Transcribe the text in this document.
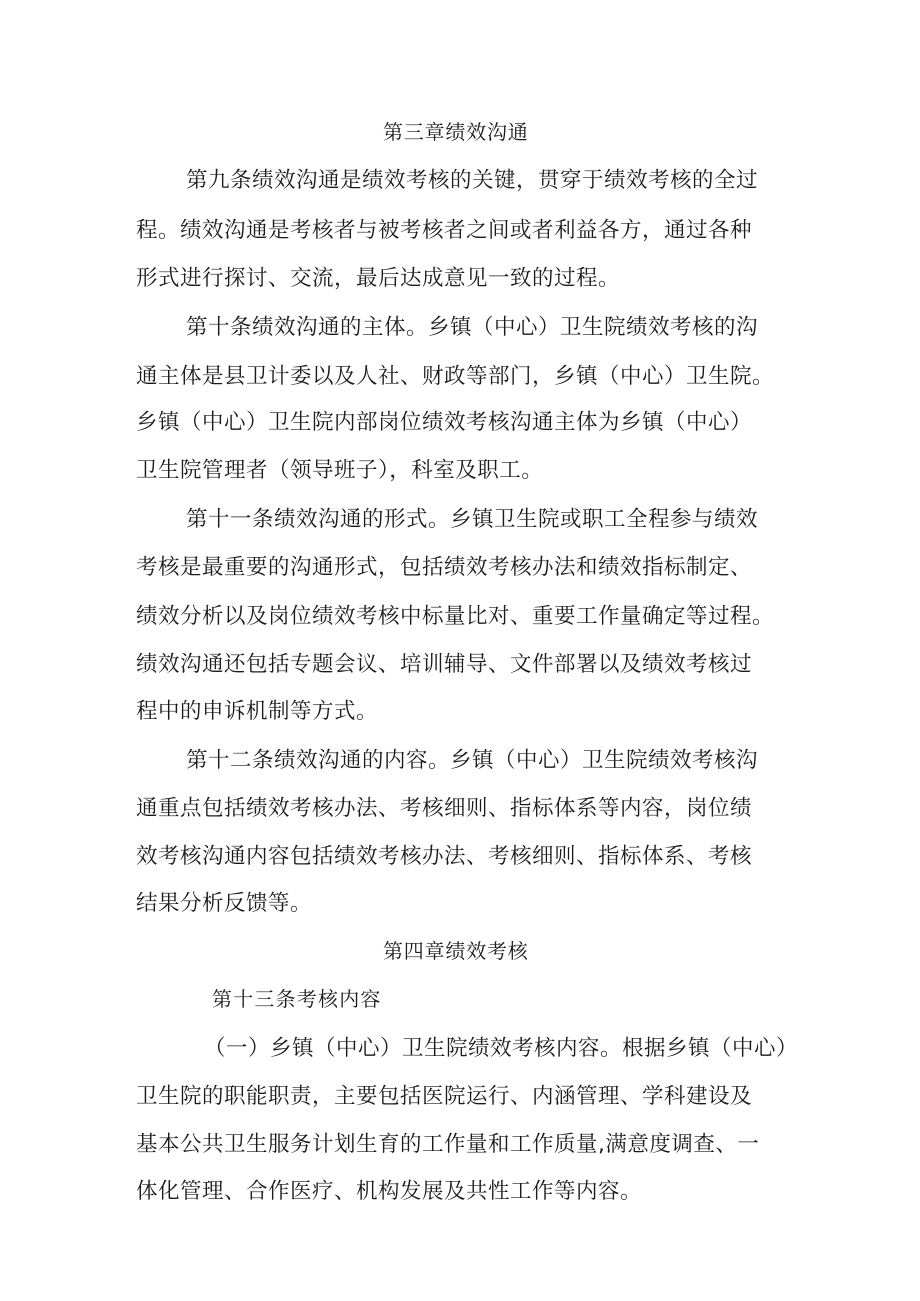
第三章绩效沟通
第九条绩效沟通是绩效考核的关键，贯穿于绩效考核的全过
程。绩效沟通是考核者与被考核者之间或者利益各方，通过各种
形式进行探讨、交流，最后达成意见一致的过程。
第十条绩效沟通的主体。乡镇（中心）卫生院绩效考核的沟
通主体是县卫计委以及人社、财政等部门，乡镇（中心）卫生院。
乡镇（中心）卫生院内部岗位绩效考核沟通主体为乡镇（中心）
卫生院管理者（领导班子），科室及职工。
第十一条绩效沟通的形式。乡镇卫生院或职工全程参与绩效
考核是最重要的沟通形式，包括绩效考核办法和绩效指标制定、
绩效分析以及岗位绩效考核中标量比对、重要工作量确定等过程。
绩效沟通还包括专题会议、培训辅导、文件部署以及绩效考核过
程中的申诉机制等方式。
第十二条绩效沟通的内容。乡镇（中心）卫生院绩效考核沟
通重点包括绩效考核办法、考核细则、指标体系等内容，岗位绩
效考核沟通内容包括绩效考核办法、考核细则、指标体系、考核
结果分析反馈等。
第四章绩效考核
第十三条考核内容
（一）乡镇（中心）卫生院绩效考核内容。根据乡镇（中心）
卫生院的职能职责，主要包括医院运行、内涵管理、学科建设及
基本公共卫生服务计划生育的工作量和工作质量,满意度调查、一
体化管理、合作医疗、机构发展及共性工作等内容。
